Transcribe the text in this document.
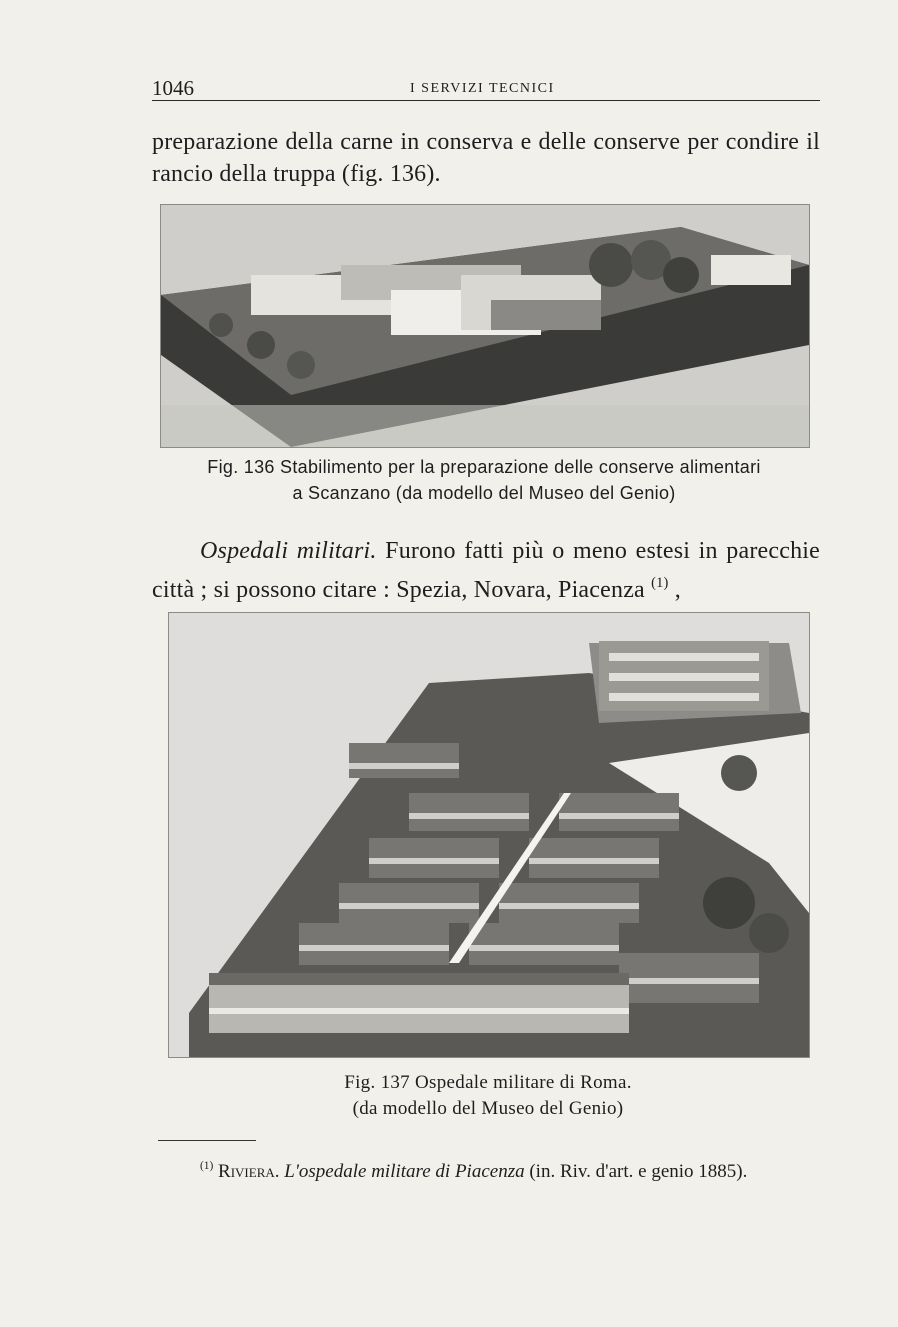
1046	I SERVIZI TECNICI

preparazione della carne in conserva e delle conserve per condire il rancio della truppa (fig. 136).

Fig. 136 Stabilimento per la preparazione delle conserve alimentari
a Scanzano (da modello del Museo del Genio)

Ospedali militari. Furono fatti più o meno estesi in parecchie città ; si possono citare : Spezia, Novara, Piacenza $^{(1)}$ ,

Fig. 137 Ospedale militare di Roma.
(da modello del Museo del Genio)
$^{(1)}$ Riviera. L'ospedale militare di Piacenza (in. Riv. d'art. e genio 1885).
